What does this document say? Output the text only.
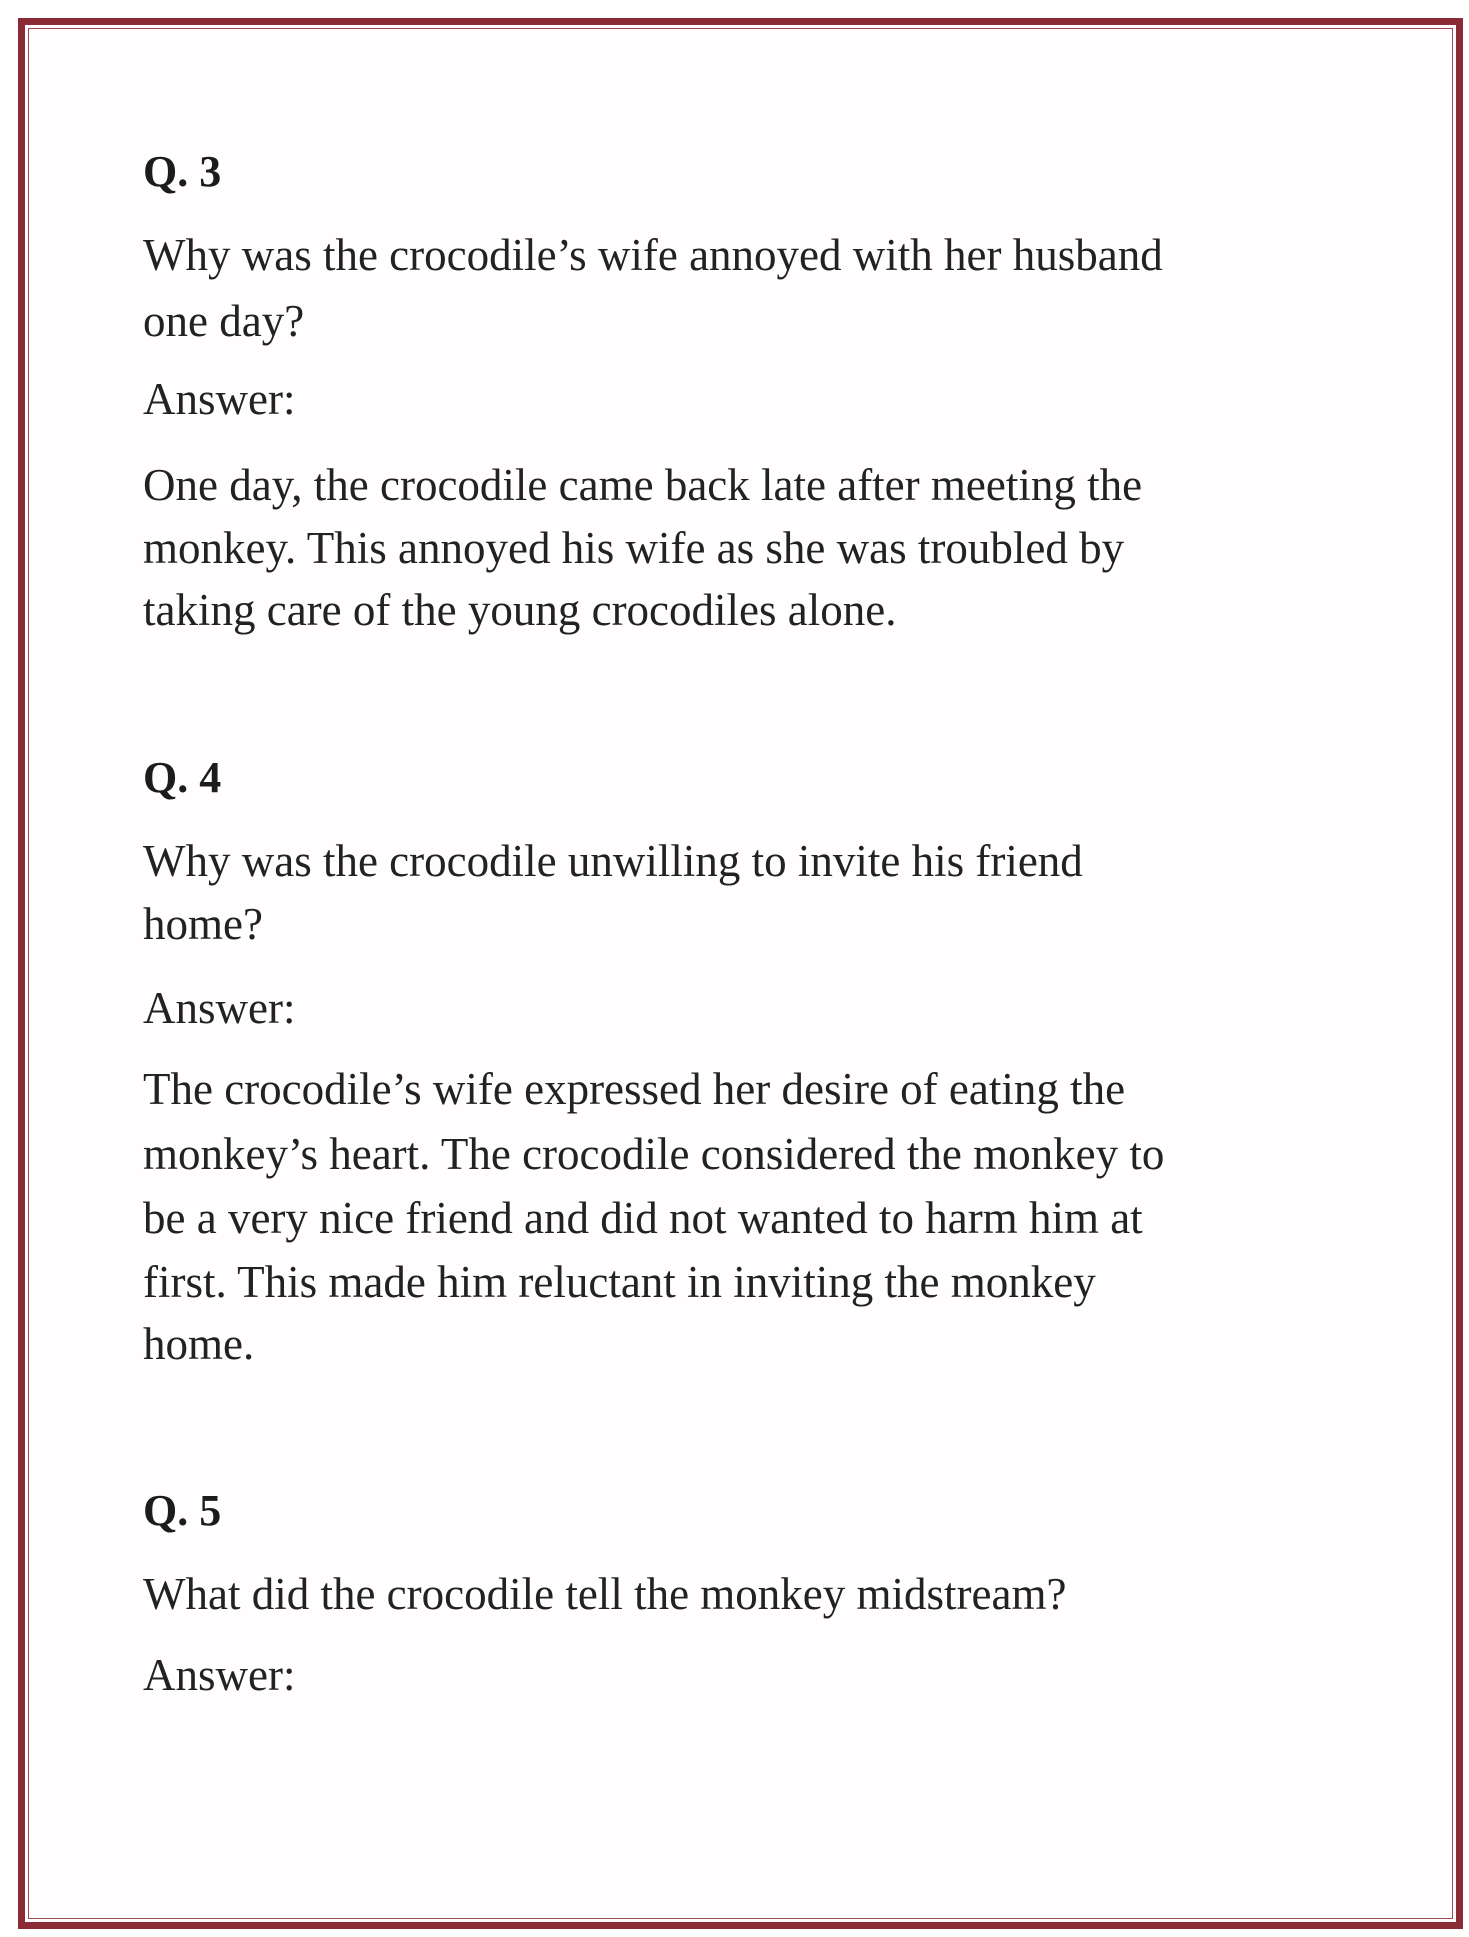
Q. 3
Why was the crocodile’s wife annoyed with her husband
one day?
Answer:
One day, the crocodile came back late after meeting the
monkey. This annoyed his wife as she was troubled by
taking care of the young crocodiles alone.
Q. 4
Why was the crocodile unwilling to invite his friend
home?
Answer:
The crocodile’s wife expressed her desire of eating the
monkey’s heart. The crocodile considered the monkey to
be a very nice friend and did not wanted to harm him at
first. This made him reluctant in inviting the monkey
home.
Q. 5
What did the crocodile tell the monkey midstream?
Answer:
